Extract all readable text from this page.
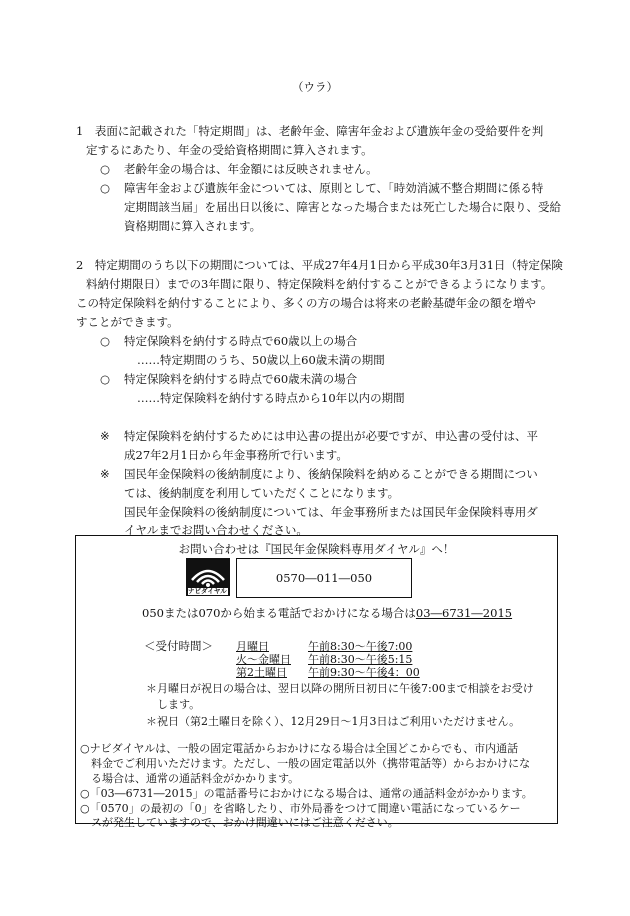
（ウラ）
1　表面に記載された「特定期間」は、老齢年金、障害年金および遺族年金の受給要件を判
定するにあたり、年金の受給資格期間に算入されます。
○ 老齢年金の場合は、年金額には反映されません。
○ 障害年金および遺族年金については、原則として、「時効消滅不整合期間に係る特
定期間該当届」を届出日以後に、障害となった場合または死亡した場合に限り、受給
資格期間に算入されます。
2　特定期間のうち以下の期間については、平成27年4月1日から平成30年3月31日（特定保険
料納付期限日）までの3年間に限り、特定保険料を納付することができるようになります。
この特定保険料を納付することにより、多くの方の場合は将来の老齢基礎年金の額を増や
すことができます。
○ 特定保険料を納付する時点で60歳以上の場合
……特定期間のうち、50歳以上60歳未満の期間
○ 特定保険料を納付する時点で60歳未満の場合
……特定保険料を納付する時点から10年以内の期間
※ 特定保険料を納付するためには申込書の提出が必要ですが、申込書の受付は、平
成27年2月1日から年金事務所で行います。
※ 国民年金保険料の後納制度により、後納保険料を納めることができる期間につい
ては、後納制度を利用していただくことになります。
国民年金保険料の後納制度については、年金事務所または国民年金保険料専用ダ
イヤルまでお問い合わせください。
お問い合わせは『国民年金保険料専用ダイヤル』へ！
ナビダイヤル
0570―011―050
050または070から始まる電話でおかけになる場合は03―6731―2015
＜受付時間＞ 月曜日	午前8:30～午後7:00
火～金曜日	午前8:30～午後5:15
第2土曜日	午前9:30～午後4：00
＊月曜日が祝日の場合は、翌日以降の開所日初日に午後7:00まで相談をお受け
　します。
＊祝日（第2土曜日を除く）、12月29日～1月3日はご利用いただけません。
○ナビダイヤルは、一般の固定電話からおかけになる場合は全国どこからでも、市内通話
　料金でご利用いただけます。ただし、一般の固定電話以外（携帯電話等）からおかけにな
　る場合は、通常の通話料金がかかります。
○「03―6731―2015」の電話番号におかけになる場合は、通常の通話料金がかかります。
○「0570」の最初の「0」を省略したり、市外局番をつけて間違い電話になっているケー
　スが発生していますので、おかけ間違いにはご注意ください。
